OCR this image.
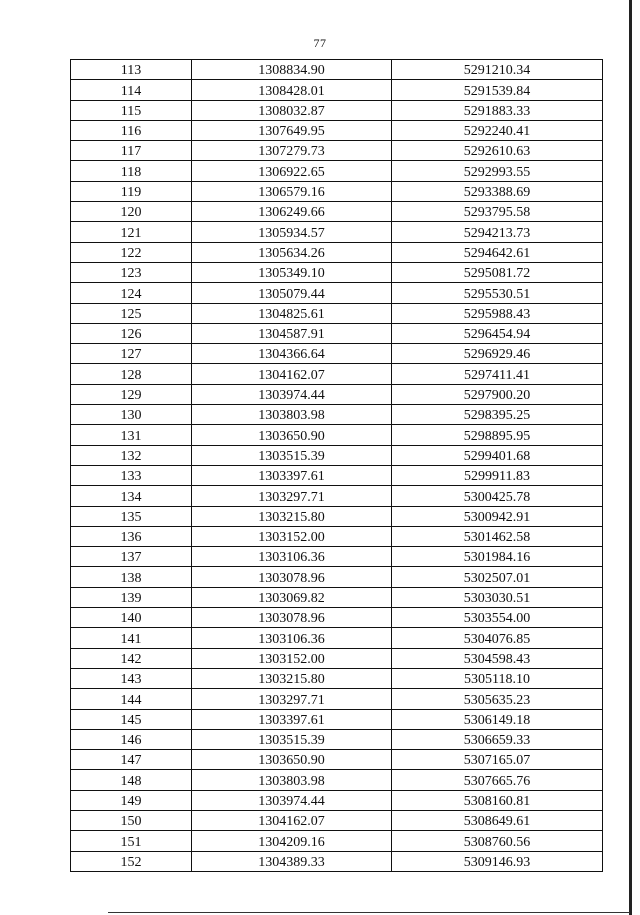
77
113	1308834.90	5291210.34
114	1308428.01	5291539.84
115	1308032.87	5291883.33
116	1307649.95	5292240.41
117	1307279.73	5292610.63
118	1306922.65	5292993.55
119	1306579.16	5293388.69
120	1306249.66	5293795.58
121	1305934.57	5294213.73
122	1305634.26	5294642.61
123	1305349.10	5295081.72
124	1305079.44	5295530.51
125	1304825.61	5295988.43
126	1304587.91	5296454.94
127	1304366.64	5296929.46
128	1304162.07	5297411.41
129	1303974.44	5297900.20
130	1303803.98	5298395.25
131	1303650.90	5298895.95
132	1303515.39	5299401.68
133	1303397.61	5299911.83
134	1303297.71	5300425.78
135	1303215.80	5300942.91
136	1303152.00	5301462.58
137	1303106.36	5301984.16
138	1303078.96	5302507.01
139	1303069.82	5303030.51
140	1303078.96	5303554.00
141	1303106.36	5304076.85
142	1303152.00	5304598.43
143	1303215.80	5305118.10
144	1303297.71	5305635.23
145	1303397.61	5306149.18
146	1303515.39	5306659.33
147	1303650.90	5307165.07
148	1303803.98	5307665.76
149	1303974.44	5308160.81
150	1304162.07	5308649.61
151	1304209.16	5308760.56
152	1304389.33	5309146.93
